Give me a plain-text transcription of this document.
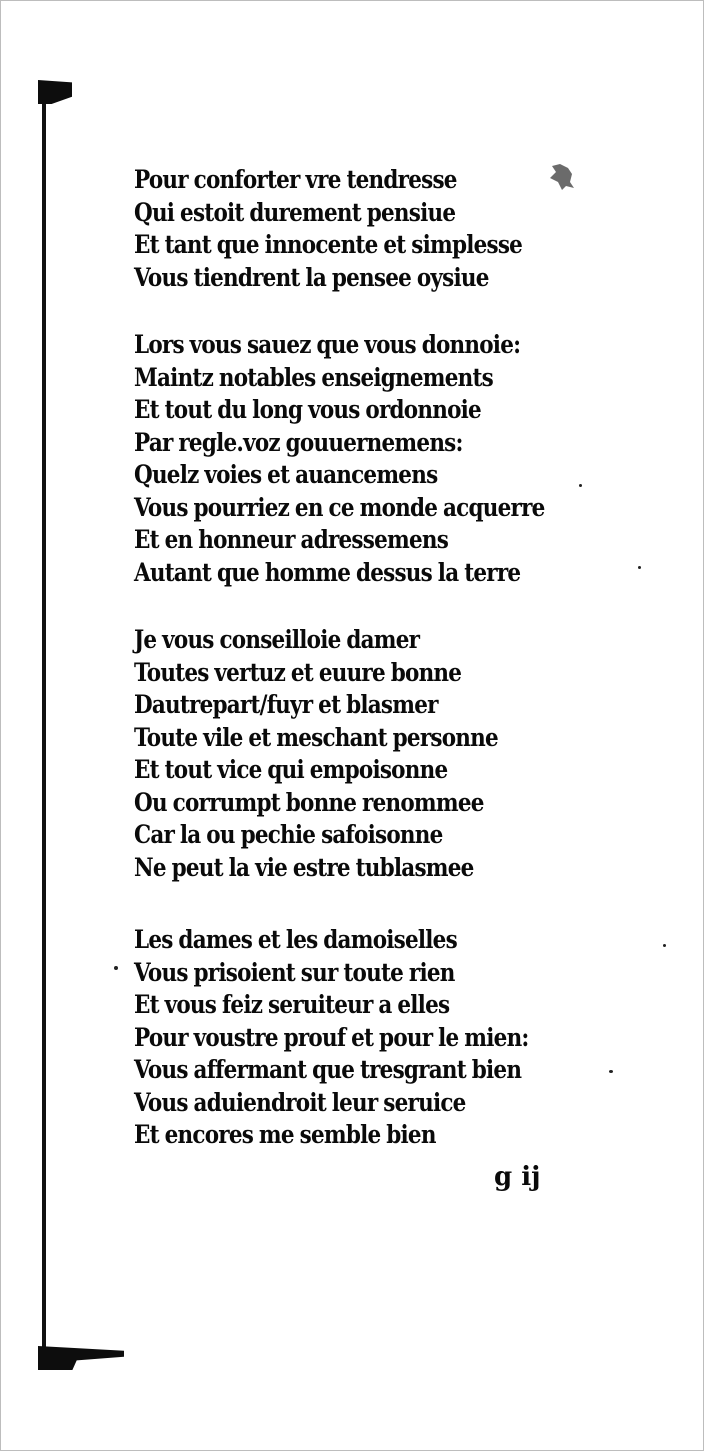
Pour conforter vre tendresse
Qui estoit durement pensiue
Et tant que innocente et simplesse
Vous tiendrent la pensee oysiue
Lors vous sauez que vous donnoie:
Maintz notables enseignements
Et tout du long vous ordonnoie
Par regle.voz gouuernemens:
Quelz voies et auancemens
Vous pourriez en ce monde acquerre
Et en honneur adressemens
Autant que homme dessus la terre
Je vous conseilloie damer
Toutes vertuz et euure bonne
Dautrepart/fuyr et blasmer
Toute vile et meschant personne
Et tout vice qui empoisonne
Ou corrumpt bonne renommee
Car la ou pechie safoisonne
Ne peut la vie estre tublasmee
Les dames et les damoiselles
Vous prisoient sur toute rien
Et vous feiz seruiteur a elles
Pour voustre prouf et pour le mien:
Vous affermant que tresgrant bien
Vous aduiendroit leur seruice
Et encores me semble bien
g ij
